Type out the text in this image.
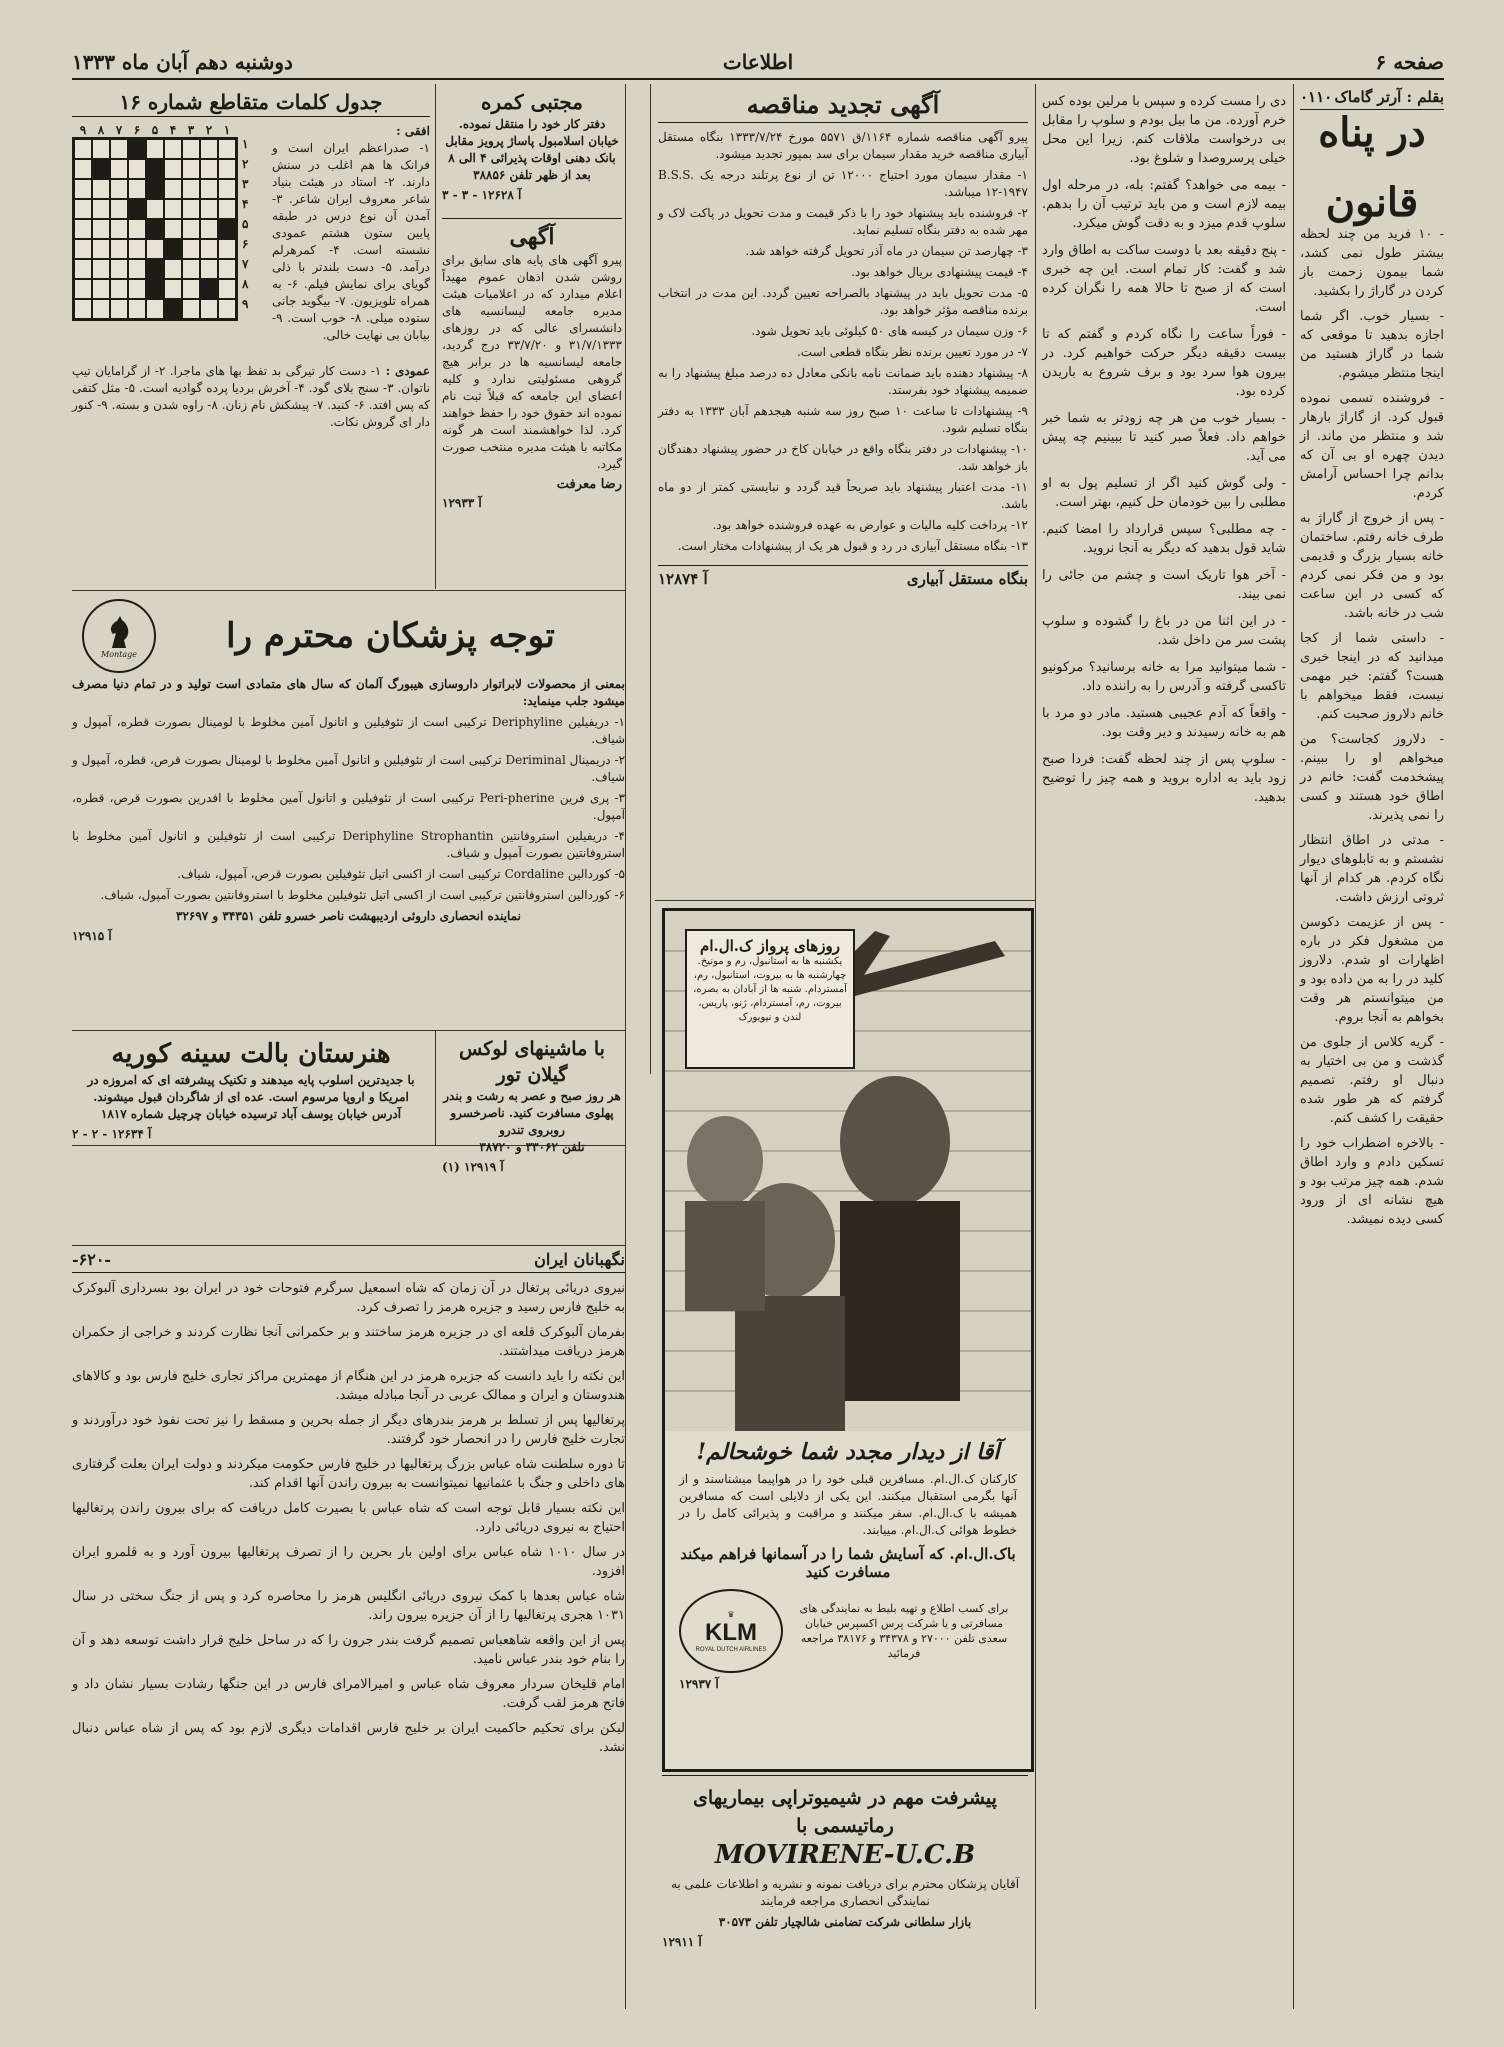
صفحه ۶
اطلاعات
دوشنبه دهم آبان ماه ۱۳۳۳
بقلم : آرتر گاماک
۰۱۱۰
در پناه قانون

- ۱۰ فرید من چند لحظه بیشتر طول نمی کشد، شما بیمون زحمت باز کردن در گاراژ را بکشید.

- بسیار خوب. اگر شما اجازه بدهید تا موقعی که شما در گاراژ هستید من اینجا منتظر میشوم.

- فروشنده تسمی نموده قبول کرد. از گاراژ بارهار شد و منتظر من ماند. از دیدن چهره او بی آن که بدانم چرا احساس آرامش کردم.

- پس از خروج از گاراژ به طرف خانه رفتم. ساختمان خانه بسیار بزرگ و قدیمی بود و من فکر نمی کردم که کسی در این ساعت شب در خانه باشد.

- داستی شما از کجا میدانید که در اینجا خبری هست؟ گفتم: خبر مهمی نیست، فقط میخواهم با خانم دلاروز صحبت کنم.

- دلاروز کجاست؟ من میخواهم او را ببینم. پیشخدمت گفت: خانم در اطاق خود هستند و کسی را نمی پذیرند.

- مدتی در اطاق انتظار نشستم و به تابلوهای دیوار نگاه کردم. هر کدام از آنها ثروتی ارزش داشت.

- پس از عزیمت دکوسن من مشغول فکر در باره اظهارات او شدم. دلاروز کلید در را به من داده بود و من میتوانستم هر وقت بخواهم به آنجا بروم.

- گریه کلاس از جلوی من گذشت و من بی اختیار به دنبال او رفتم. تصمیم گرفتم که هر طور شده حقیقت را کشف کنم.

- بالاخره اضطراب خود را تسکین دادم و وارد اطاق شدم. همه چیز مرتب بود و هیچ نشانه ای از ورود کسی دیده نمیشد.

دی را مست کرده و سپس با مرلین بوده کس خرم آورده. من ما بیل بودم و سلوپ را مقابل بی درخواست ملاقات کنم. زیرا این محل خیلی پرسروصدا و شلوغ بود.

- بیمه می خواهد؟ گفتم: بله، در مرحله اول بیمه لازم است و من باید ترتیب آن را بدهم. سلوپ قدم میزد و به دقت گوش میکرد.

- پنج دقیقه بعد با دوست ساکت به اطاق وارد شد و گفت: کار تمام است. این چه خبری است که از صبح تا حالا همه را نگران کرده است.

- فوراً ساعت را نگاه کردم و گفتم که تا بیست دقیقه دیگر حرکت خواهیم کرد. در بیرون هوا سرد بود و برف شروع به باریدن کرده بود.

- بسیار خوب من هر چه زودتر به شما خبر خواهم داد. فعلاً صبر کنید تا ببینیم چه پیش می آید.

- ولی گوش کنید اگر از تسلیم پول به او مطلبی را بین خودمان حل کنیم، بهتر است.

- چه مطلبی؟ سپس قرارداد را امضا کنیم. شاید قول بدهید که دیگر به آنجا نروید.

- آخر هوا تاریک است و چشم من جائی را نمی بیند.

- در این اثنا من در باغ را گشوده و سلوپ پشت سر من داخل شد.

- شما میتوانید مرا به خانه برسانید؟ مرکونیو تاکسی گرفته و آدرس را به راننده داد.

- واقعاً که آدم عجیبی هستید. مادر دو مرد با هم به خانه رسیدند و دیر وقت بود.

- سلوپ پس از چند لحظه گفت: فردا صبح زود باید به اداره بروید و همه چیز را توضیح بدهید.

آگهی تجدید مناقصه

پیرو آگهی مناقصه شماره ۱۱۶۴/ق ۵۵۷۱ مورخ ۱۳۳۳/۷/۲۴ بنگاه مستقل آبیاری مناقصه خرید مقدار سیمان برای سد بمپور تجدید میشود.

۱- مقدار سیمان مورد احتیاج ۱۲۰۰۰ تن از نوع پرتلند درجه یک B.S.S. ۱۲-۱۹۴۷ میباشد.

۲- فروشنده باید پیشنهاد خود را با ذکر قیمت و مدت تحویل در پاکت لاک و مهر شده به دفتر بنگاه تسلیم نماید.

۳- چهارصد تن سیمان در ماه آذر تحویل گرفته خواهد شد.

۴- قیمت پیشنهادی بریال خواهد بود.

۵- مدت تحویل باید در پیشنهاد بالصراحه تعیین گردد. این مدت در انتخاب برنده مناقصه مؤثر خواهد بود.

۶- وزن سیمان در کیسه های ۵۰ کیلوئی باید تحویل شود.

۷- در مورد تعیین برنده نظر بنگاه قطعی است.

۸- پیشنهاد دهنده باید ضمانت نامه بانکی معادل ده درصد مبلغ پیشنهاد را به ضمیمه پیشنهاد خود بفرستد.

۹- پیشنهادات تا ساعت ۱۰ صبح روز سه شنبه هیجدهم آبان ۱۳۳۳ به دفتر بنگاه تسلیم شود.

۱۰- پیشنهادات در دفتر بنگاه واقع در خیابان کاخ در حضور پیشنهاد دهندگان باز خواهد شد.

۱۱- مدت اعتبار پیشنهاد باید صریحاً قید گردد و نبایستی کمتر از دو ماه باشد.

۱۲- پرداخت کلیه مالیات و عوارض به عهده فروشنده خواهد بود.

۱۳- بنگاه مستقل آبیاری در رد و قبول هر یک از پیشنهادات مختار است.

بنگاه مستقل آبیاری
آ ۱۲۸۷۴
مجتبی کمره
دفتر کار خود را منتقل نموده. خیابان اسلامبول پاساژ پرویز مقابل بانک دهنی اوقات پذیرائی ۴ الی ۸ بعد از ظهر تلفن ۳۸۸۵۶
آ ۱۲۶۲۸ - ۳ - ۳
آگهی
پیرو آگهی های پایه های سابق برای روشن شدن اذهان عموم مهیداً اعلام میدارد که در اعلامیات هیئت مدیره جامعه لیسانسیه های دانشسرای عالی که در روزهای ۳۱/۷/۱۳۳۳ و ۳۳/۷/۲۰ درج گردید، جامعه لیسانسیه ها در برابر هیچ گروهی مسئولیتی ندارد و کلیه اعضای این جامعه که قبلاً ثبت نام نموده اند حقوق خود را حفظ خواهند کرد. لذا خواهشمند است هر گونه مکاتبه با هیئت مدیره منتخب صورت گیرد.
رضا معرفت
آ ۱۲۹۳۳
جدول کلمات متقاطع شماره ۱۶
۹ ۸ ۷ ۶ ۵ ۴ ۳ ۲ ۱
۱
۲
۳
۴
۵
۶
۷
۸
۹
افقی :
۱- صدراعظم ایران است و فرانک ها هم اغلب در سنش دارند. ۲- استاد در هیئت بنیاد شاعر معروف ایران شاعر. ۳- آمدن آن نوع درس در طبقه پایین ستون هشتم عمودی نشسته است. ۴- کمرهرلم درآمد. ۵- دست بلندتر با ذلی گویای برای نمایش فیلم. ۶- به همراه تلویزیون. ۷- بیگوید جانی ستوده میلی. ۸- خوب است. ۹- بیابان بی نهایت خالی.
عمودی : ۱- دست کار تیرگی بد تفظ بها های ماجرا. ۲- از گرامایان تیپ ناتوان. ۳- سنج بلای گود. ۴- آخرش بردیا پرده گوادیه است. ۵- مثل کتفی که پس افتد. ۶- کنید. ۷- پیشکش نام زنان. ۸- راوه شدن و بسته. ۹- کنور دار ای گروش نکات.
توجه پزشکان محترم را
Montage
بمعنی از محصولات لابراتوار داروسازی هیبورگ آلمان که سال های متمادی است تولید و در تمام دنیا مصرف میشود جلب مینماید:

۱- دریفیلین Deriphyline ترکیبی است از تئوفیلین و اتانول آمین مخلوط با لومینال بصورت قطره، آمپول و شیاف.

۲- دریمینال Deriminal ترکیبی است از تئوفیلین و اتانول آمین مخلوط با لومینال بصورت قرص، قطره، آمپول و شیاف.

۳- پری فرین Peri-pherine ترکیبی است از تئوفیلین و اتانول آمین مخلوط با افدرین بصورت قرص، قطره، آمپول.

۴- دریفیلین استروفانتین Deriphyline Strophantin ترکیبی است از تئوفیلین و اتانول آمین مخلوط با استروفانتین بصورت آمپول و شیاف.

۵- کوردالین Cordaline ترکیبی است از اکسی اتیل تئوفیلین بصورت قرص، آمپول، شیاف.

۶- کوردالین استروفانتین ترکیبی است از اکسی اتیل تئوفیلین مخلوط با استروفانتین بصورت آمپول، شیاف.

نماینده انحصاری داروئی اردیبهشت ناصر خسرو تلفن ۳۴۳۵۱ و ۳۲۶۹۷
آ ۱۲۹۱۵
هنرستان بالت سینه کوریه
با جدیدترین اسلوب پایه میدهند و تکنیک پیشرفته ای که امروزه در امریکا و اروپا مرسوم است. عده ای از شاگردان قبول میشوند.
آدرس خیابان یوسف آباد ترسیده خیابان چرچیل شماره ۱۸۱۷
آ ۱۲۶۳۴ - ۲ - ۲
با ماشینهای لوکس گیلان تور
هر روز صبح و عصر به رشت و بندر پهلوی مسافرت کنید. ناصرخسرو روبروی تندرو
تلفن ۳۳۰۶۲ و ۳۸۷۲۰
آ ۱۲۹۱۹ (۱)
نگهبانان ایران
-۶۲۰-

نیروی دریائی پرتغال در آن زمان که شاه اسمعیل سرگرم فتوحات خود در ایران بود بسرداری آلبوکرک به خلیج فارس رسید و جزیره هرمز را تصرف کرد.

بفرمان آلبوکرک قلعه ای در جزیره هرمز ساختند و بر حکمرانی آنجا نظارت کردند و خراجی از حکمران هرمز دریافت میداشتند.

این نکته را باید دانست که جزیره هرمز در این هنگام از مهمترین مراکز تجاری خلیج فارس بود و کالاهای هندوستان و ایران و ممالک عربی در آنجا مبادله میشد.

پرتغالیها پس از تسلط بر هرمز بندرهای دیگر از جمله بحرین و مسقط را نیز تحت نفوذ خود درآوردند و تجارت خلیج فارس را در انحصار خود گرفتند.

تا دوره سلطنت شاه عباس بزرگ پرتغالیها در خلیج فارس حکومت میکردند و دولت ایران بعلت گرفتاری های داخلی و جنگ با عثمانیها نمیتوانست به بیرون راندن آنها اقدام کند.

این نکته بسیار قابل توجه است که شاه عباس با بصیرت کامل دریافت که برای بیرون راندن پرتغالیها احتیاج به نیروی دریائی دارد.

در سال ۱۰۱۰ شاه عباس برای اولین بار بحرین را از تصرف پرتغالیها بیرون آورد و به قلمرو ایران افزود.

شاه عباس بعدها با کمک نیروی دریائی انگلیس هرمز را محاصره کرد و پس از جنگ سختی در سال ۱۰۳۱ هجری پرتغالیها را از آن جزیره بیرون راند.

پس از این واقعه شاهعباس تصمیم گرفت بندر جرون را که در ساحل خلیج قرار داشت توسعه دهد و آن را بنام خود بندر عباس نامید.

امام قلیخان سردار معروف شاه عباس و امیرالامرای فارس در این جنگها رشادت بسیار نشان داد و فاتح هرمز لقب گرفت.

لیکن برای تحکیم حاکمیت ایران بر خلیج فارس اقدامات دیگری لازم بود که پس از شاه عباس دنبال نشد.

روزهای پرواز ک.ال.ام
یکشنبه ها به استانبول، رم و مونیخ. چهارشنبه ها به بیروت، استانبول، رم، آمستردام. شنبه ها از آبادان به بصره، بیروت، رم، آمستردام، ژنو، پاریس، لندن و نیویورک
آقا از دیدار مجدد شما خوشحالم!
کارکنان ک.ال.ام. مسافرین قبلی خود را در هواپیما میشناسند و از آنها بگرمی استقبال میکنند. این یکی از دلایلی است که مسافرین همیشه با ک.ال.ام. سفر میکنند و مراقبت و پذیرائی کامل را در خطوط هوائی ک.ال.ام. مییابند.
باک.ال.ام. که آسایش شما را در آسمانها فراهم میکند مسافرت کنید
برای کسب اطلاع و تهیه بلیط به نمایندگی های مسافرتی و یا شرکت پرس اکسپرس خیابان سعدی تلفن ۲۷۰۰۰ و ۳۴۳۷۸ و ۳۸۱۷۶ مراجعه فرمائید
♛
KLM
ROYAL DUTCH AIRLINES
آ ۱۲۹۳۷
پیشرفت مهم در شیمیوتراپی بیماریهای رماتیسمی با
MOVIRENE-U.C.B
آقایان پزشکان محترم برای دریافت نمونه و نشریه و اطلاعات علمی به نمایندگی انحصاری مراجعه فرمایند
بازار سلطانی شرکت تضامنی شالچیار تلفن ۳۰۵۷۳
آ ۱۲۹۱۱
